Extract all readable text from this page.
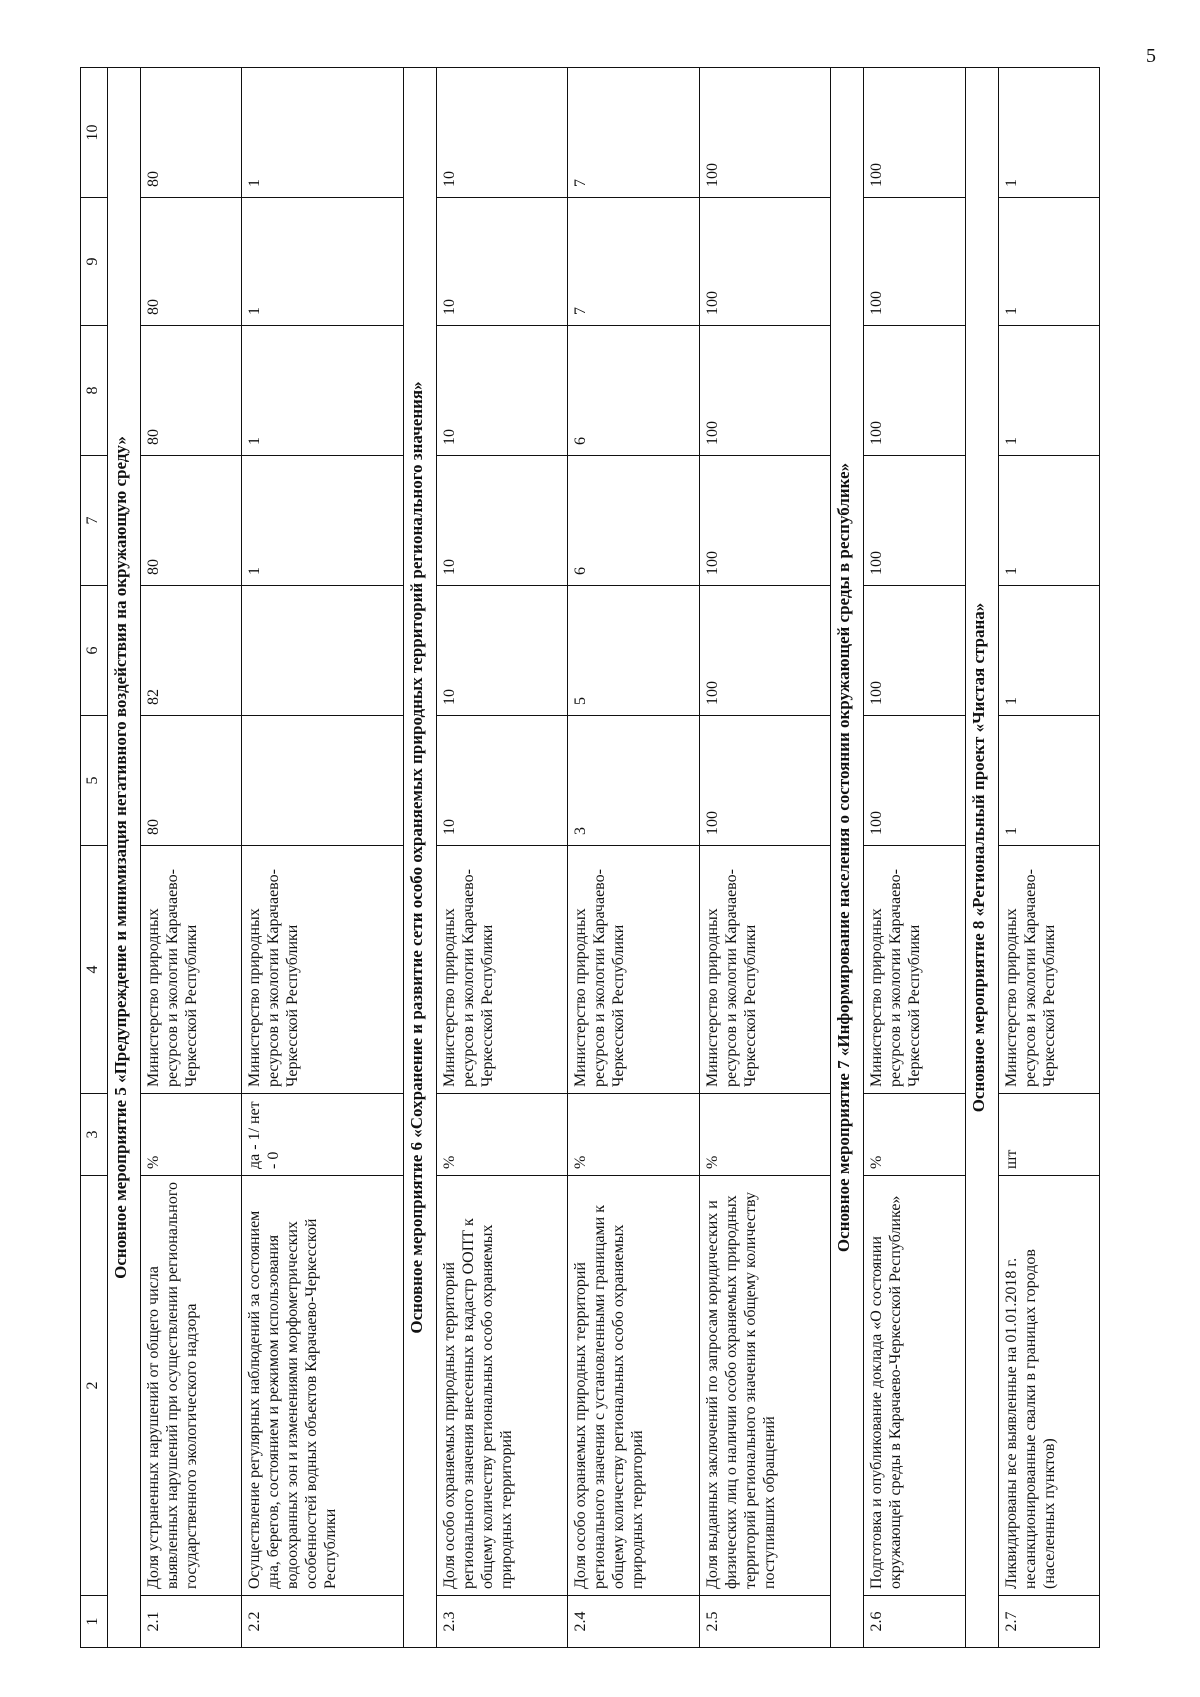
5
1	2	3	4	5	6	7	8	9	10
Основное мероприятие 5 «Предупреждение и минимизация негативного воздействия на окружающую среду»									
2.1	Доля устраненных нарушений от общего числа выявленных нарушений при осуществлении регионального государственного экологического надзора	%	Министерство природных ресурсов и экологии Карачаево-Черкесской Республики	80	82	80	80	80	80
2.2	Осуществление регулярных наблюдений за состоянием дна, берегов, состоянием и режимом использования водоохранных зон и изменениями морфометрических особенностей водных объектов Карачаево-Черкесской Республики	да - 1/ нет - 0	Министерство природных ресурсов и экологии Карачаево-Черкесской Республики			1	1	1	1
Основное мероприятие 6 «Сохранение и развитие сети особо охраняемых природных территорий регионального значения»									
2.3	Доля особо охраняемых природных территорий регионального значения внесенных в кадастр ООПТ к общему количеству региональных особо охраняемых природных территорий	%	Министерство природных ресурсов и экологии Карачаево-Черкесской Республики	10	10	10	10	10	10
2.4	Доля особо охраняемых природных территорий регионального значения с установленными границами к общему количеству региональных особо охраняемых природных территорий	%	Министерство природных ресурсов и экологии Карачаево-Черкесской Республики	3	5	6	6	7	7
2.5	Доля выданных заключений по запросам юридических и физических лиц о наличии особо охраняемых природных территорий регионального значения к общему количеству поступивших обращений	%	Министерство природных ресурсов и экологии Карачаево-Черкесской Республики	100	100	100	100	100	100
Основное мероприятие 7 «Информирование населения о состоянии окружающей среды в республике»									
2.6	Подготовка и опубликование доклада «О состоянии окружающей среды в Карачаево-Черкесской Республике»	%	Министерство природных ресурсов и экологии Карачаево-Черкесской Республики	100	100	100	100	100	100
Основное мероприятие 8 «Региональный проект «Чистая страна»									
2.7	Ликвидированы все выявленные на 01.01.2018 г. несанкционированные свалки в границах городов (населенных пунктов)	шт	Министерство природных ресурсов и экологии Карачаево-Черкесской Республики	1	1	1	1	1	1
